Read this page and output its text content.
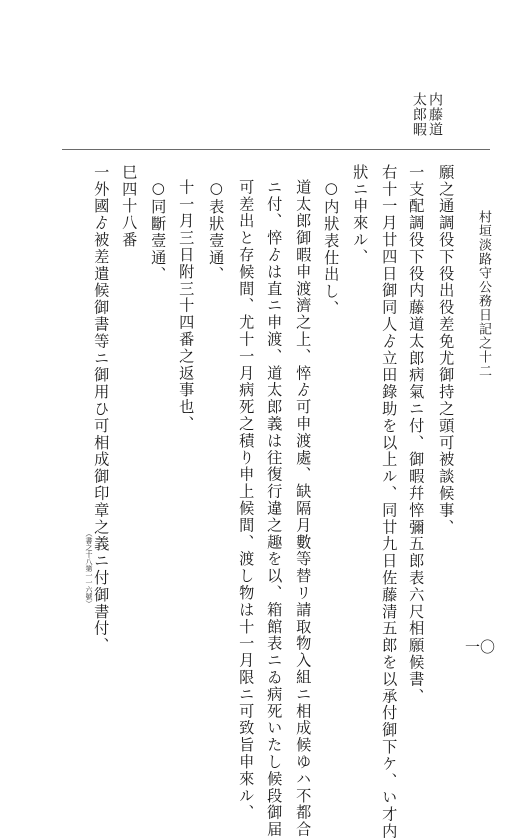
村垣淡路守公務日記之十二
一〇
内藤道太郎暇
願之通調役下役出役差免尤御持之頭可被談候事、
一支配調役下役内藤道太郎病氣ニ付、御暇幷悴彌五郎表六尺相願候書、
右十一月廿四日御同人ゟ立田錄助を以上ル、同廿九日佐藤清五郎を以承付御下ケ、い才内
狀ニ申來ル、
○内狀表仕出し、
道太郎御暇申渡濟之上、悴ゟ可申渡處、缺隔月數等替リ請取物入組ニ相成候ゆハ不都合
ニ付、悴ゟは直ニ申渡、道太郎義は往復行違之趣を以、箱館表ニゐ病死いたし候段御届
可差出と存候間、尤十一月病死之積り申上候間、渡し物は十一月限ニ可致旨申來ル、
○表狀壹通、
十一月三日附三十四番之返事也、
○同斷壹通、
巳四十八番
一外國ゟ被差遣候御書等ニ御用ひ可相成御印章之義ニ付御書付、
（書之十八第一一六號）
